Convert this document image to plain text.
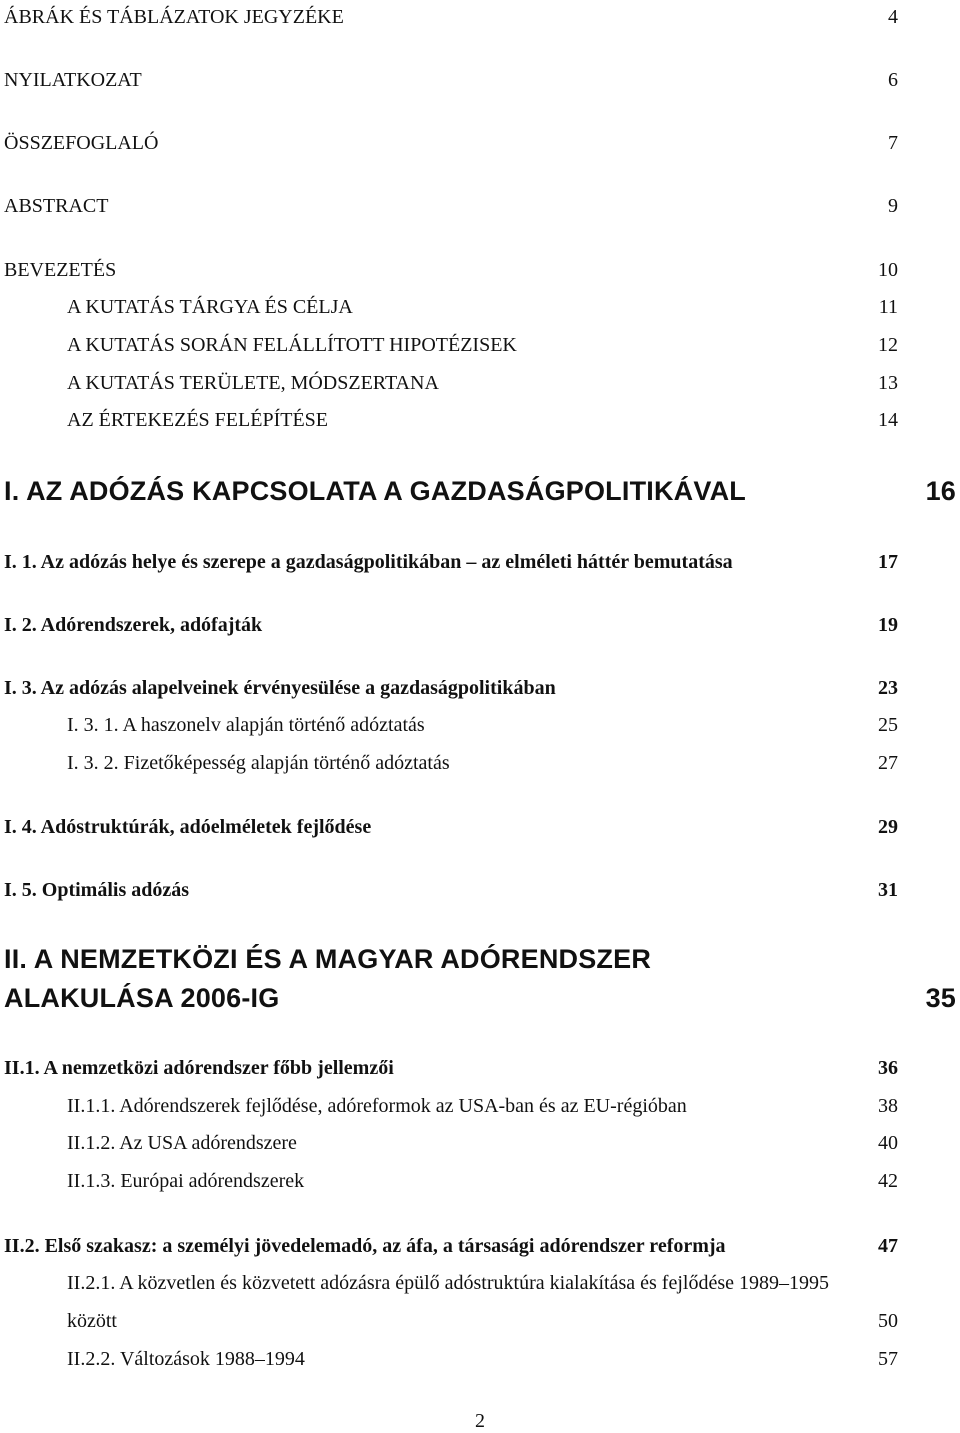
ÁBRÁK ÉS TÁBLÁZATOK JEGYZÉKE	4
NYILATKOZAT	6
ÖSSZEFOGLALÓ	7
ABSTRACT	9
BEVEZETÉS	10
A KUTATÁS TÁRGYA ÉS CÉLJA	11
A KUTATÁS SORÁN FELÁLLÍTOTT HIPOTÉZISEK	12
A KUTATÁS TERÜLETE, MÓDSZERTANA	13
AZ ÉRTEKEZÉS FELÉPÍTÉSE	14
I. AZ ADÓZÁS KAPCSOLATA A GAZDASÁGPOLITIKÁVAL	16
I. 1. Az adózás helye és szerepe a gazdaságpolitikában – az elméleti háttér bemutatása	17
I. 2. Adórendszerek, adófajták	19
I. 3. Az adózás alapelveinek érvényesülése a gazdaságpolitikában	23
I. 3. 1. A haszonelv alapján történő adóztatás	25
I. 3. 2. Fizetőképesség alapján történő adóztatás	27
I. 4. Adóstruktúrák, adóelméletek fejlődése	29
I. 5. Optimális adózás	31
II. A NEMZETKÖZI ÉS A MAGYAR ADÓRENDSZER
ALAKULÁSA 2006-IG	35
II.1. A nemzetközi adórendszer főbb jellemzői	36
II.1.1. Adórendszerek fejlődése, adóreformok az USA-ban és az EU-régióban	38
II.1.2. Az USA adórendszere	40
II.1.3. Európai adórendszerek	42
II.2. Első szakasz: a személyi jövedelemadó, az áfa, a társasági adórendszer reformja	47
II.2.1. A közvetlen és közvetett adózásra épülő adóstruktúra kialakítása és fejlődése 1989–1995
között	50
II.2.2. Változások 1988–1994	57
2
